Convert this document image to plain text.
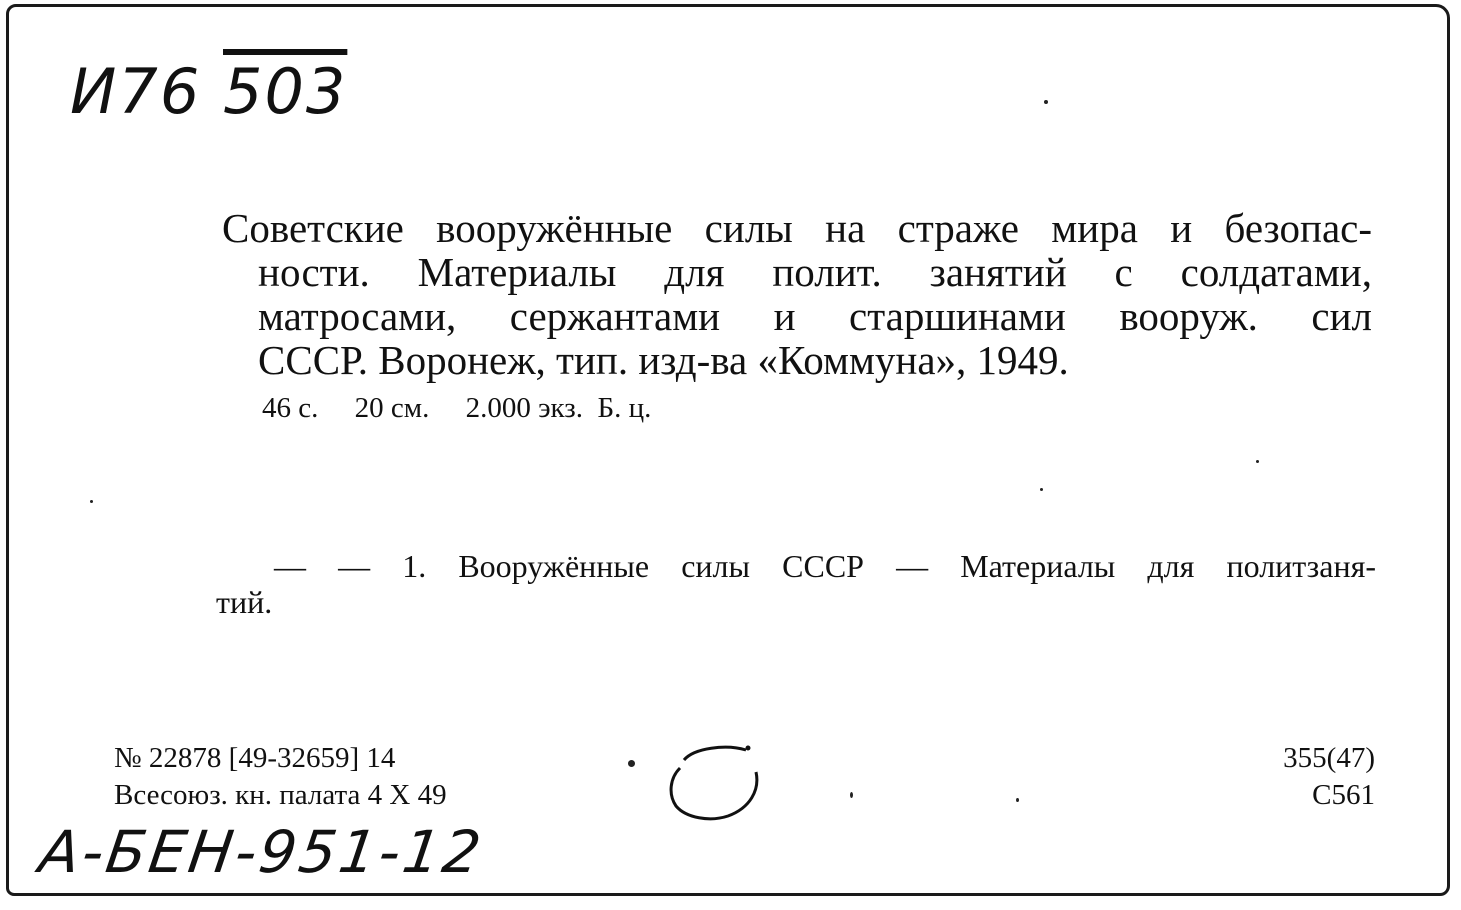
И76 503
Советские вооружённые силы на страже мира и безопас-
ности. Материалы для полит. занятий с солдатами,
матросами, сержантами и старшинами вооруж. сил
СССР. Воронеж, тип. изд-ва «Коммуна», 1949.
46 с.     20 см.     2.000 экз.  Б. ц.
— — 1. Вооружённые силы СССР — Материалы для политзаня-
тий.
№ 22878 [49-32659] 14
Всесоюз. кн. палата 4 X 49
355(47)
С561
А-БЕН-951-12
